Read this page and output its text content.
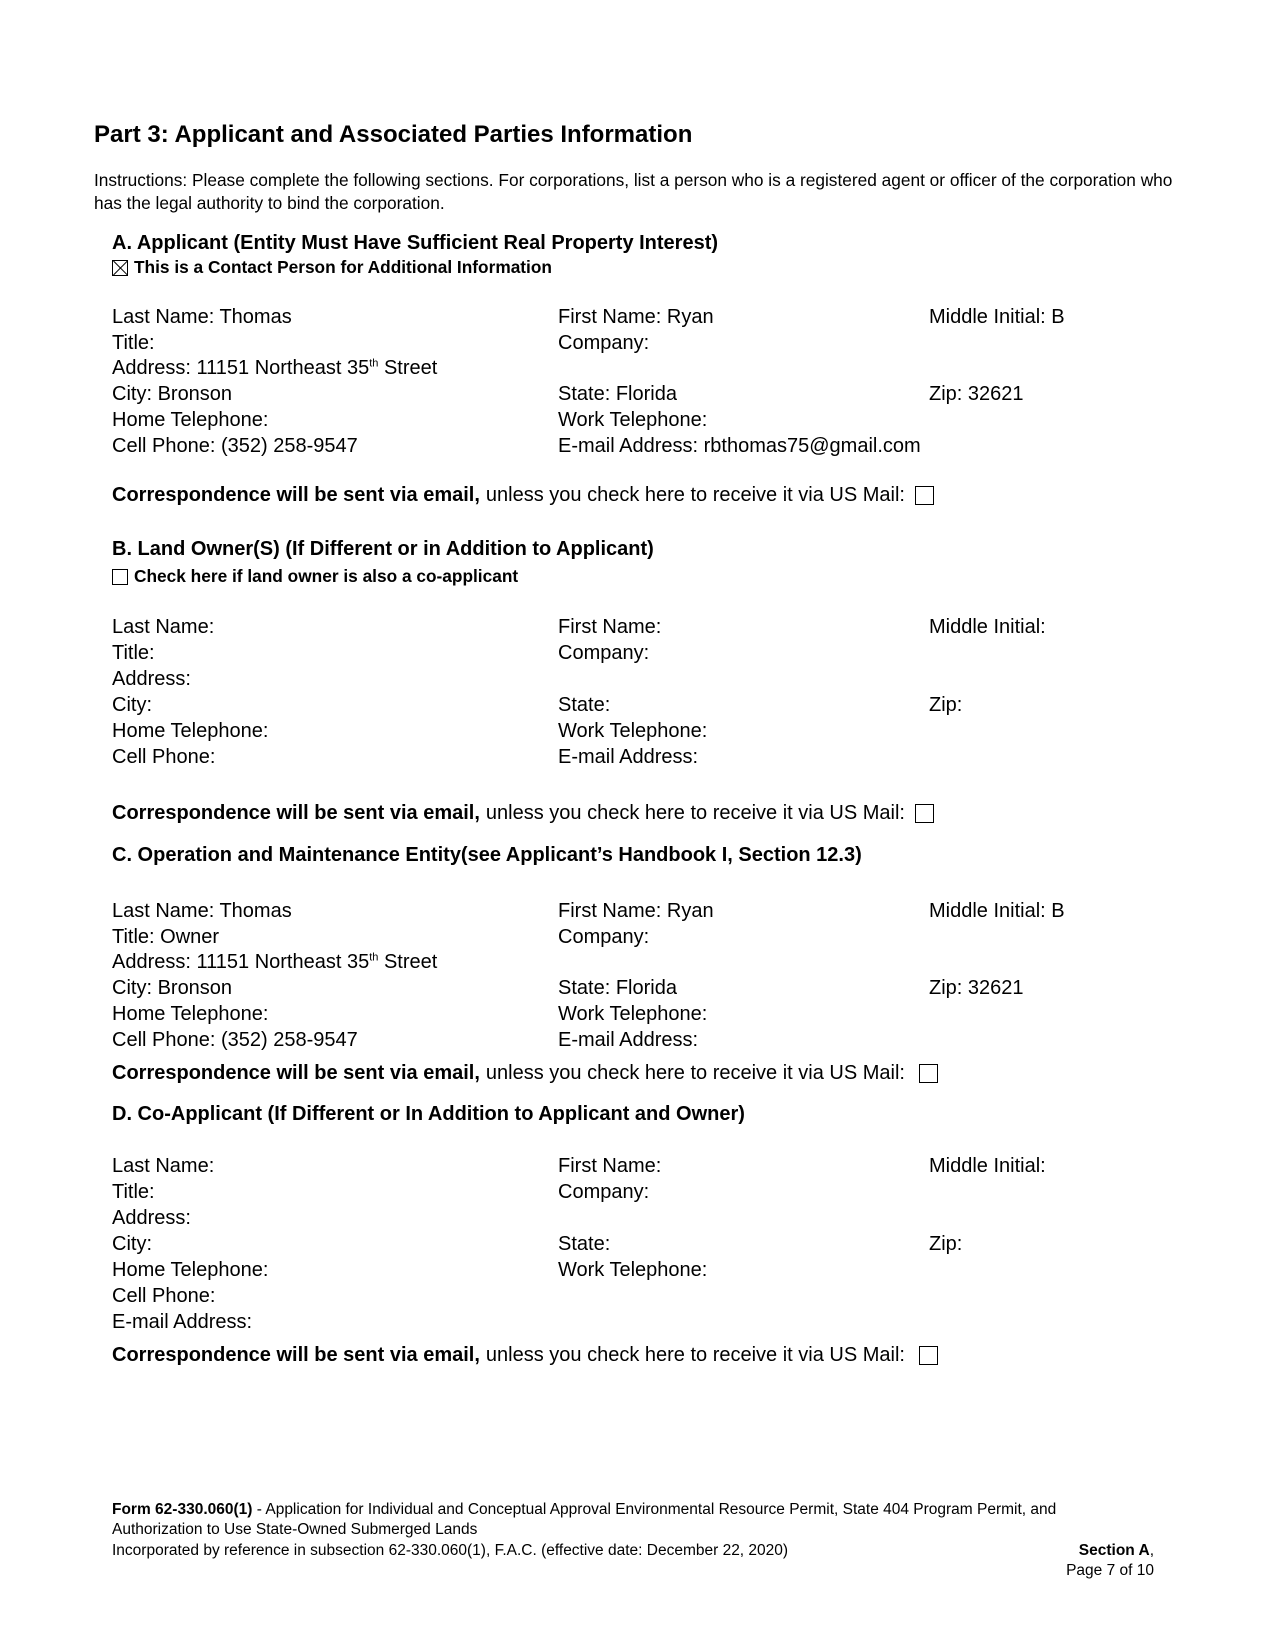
Part 3: Applicant and Associated Parties Information
Instructions: Please complete the following sections. For corporations, list a person who is a registered agent or officer of the corporation who has the legal authority to bind the corporation.
A. Applicant (Entity Must Have Sufficient Real Property Interest)
This is a Contact Person for Additional Information
Last Name: Thomas	First Name: Ryan	Middle Initial: B
Title:	Company:
Address: 11151 Northeast 35th Street
City: Bronson	State: Florida	Zip: 32621
Home Telephone:	Work Telephone:
Cell Phone: (352) 258-9547	E-mail Address: rbthomas75@gmail.com
Correspondence will be sent via email, unless you check here to receive it via US Mail:
B. Land Owner(S) (If Different or in Addition to Applicant)
Check here if land owner is also a co-applicant
Last Name:	First Name:	Middle Initial:
Title:	Company:
Address:
City:	State:	Zip:
Home Telephone:	Work Telephone:
Cell Phone:	E-mail Address:
Correspondence will be sent via email, unless you check here to receive it via US Mail:
C. Operation and Maintenance Entity(see Applicant’s Handbook I, Section 12.3)
Last Name: Thomas	First Name: Ryan	Middle Initial: B
Title: Owner	Company:
Address: 11151 Northeast 35th Street
City: Bronson	State: Florida	Zip: 32621
Home Telephone:	Work Telephone:
Cell Phone: (352) 258-9547	E-mail Address:
Correspondence will be sent via email, unless you check here to receive it via US Mail:
D. Co-Applicant (If Different or In Addition to Applicant and Owner)
Last Name:	First Name:	Middle Initial:
Title:	Company:
Address:
City:	State:	Zip:
Home Telephone:	Work Telephone:
Cell Phone:
E-mail Address:
Correspondence will be sent via email, unless you check here to receive it via US Mail:
Form 62-330.060(1) - Application for Individual and Conceptual Approval Environmental Resource Permit, State 404 Program Permit, and
Authorization to Use State-Owned Submerged Lands
Incorporated by reference in subsection 62-330.060(1), F.A.C. (effective date: December 22, 2020)	Section A,
Page 7 of 10
